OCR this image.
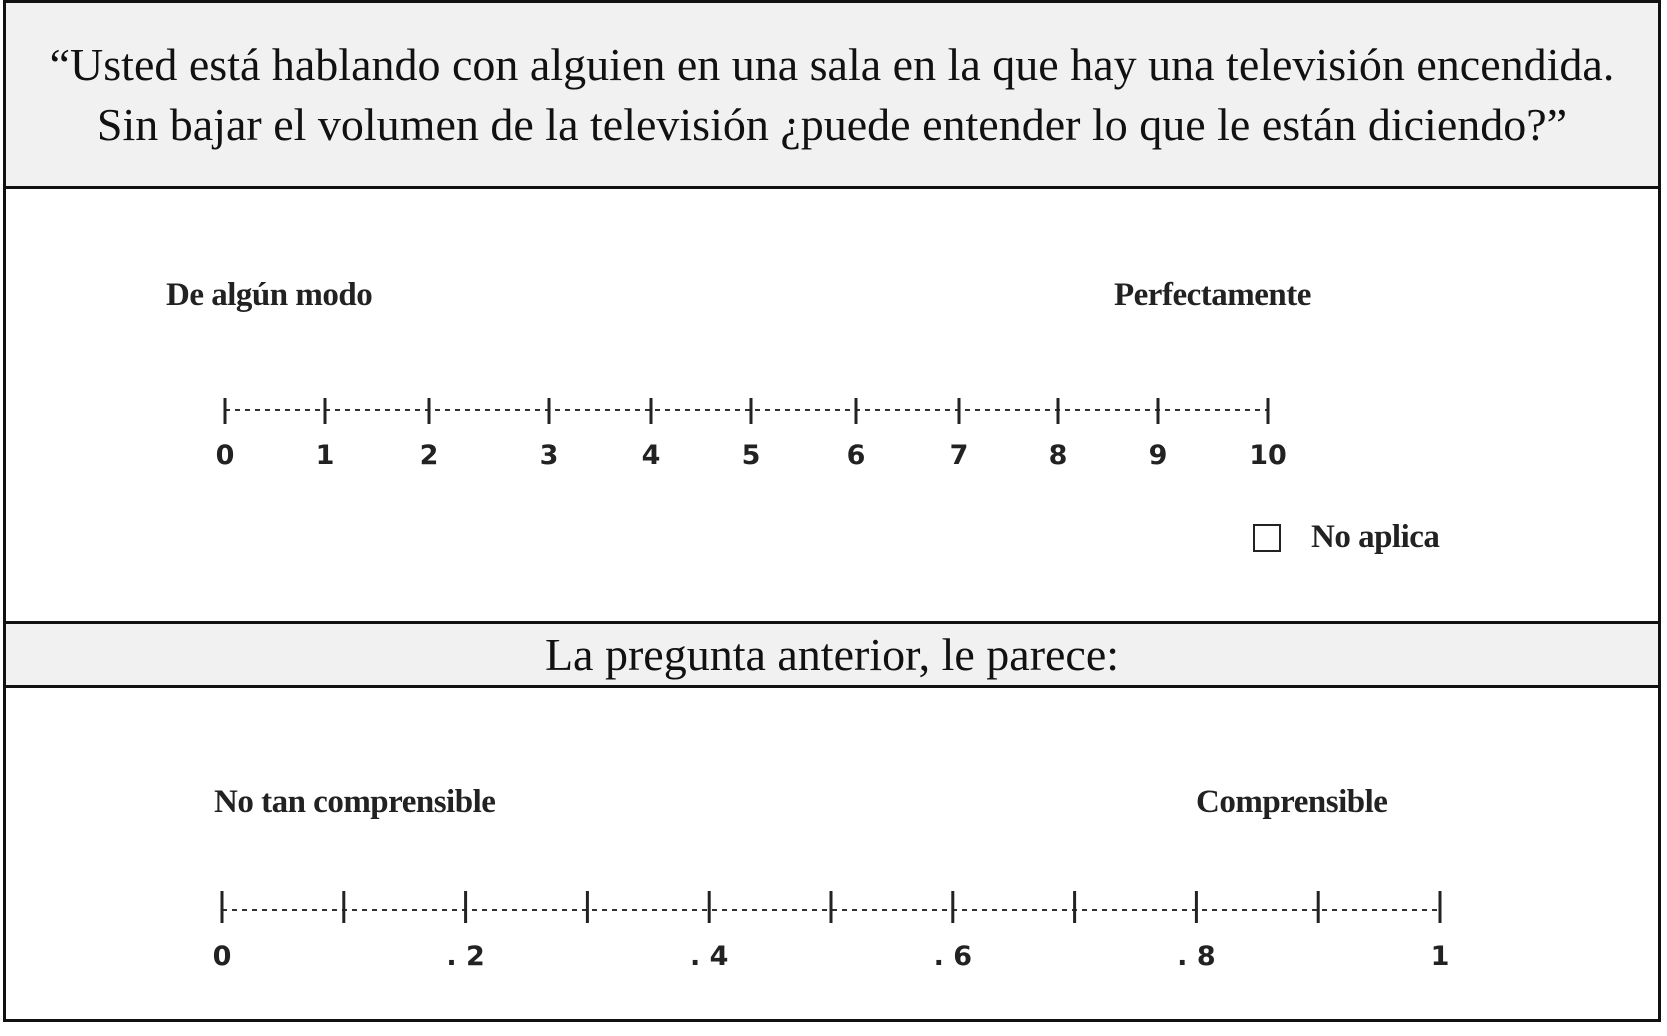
“Usted está hablando con alguien en una sala en la que hay una televisión encendida. Sin bajar el volumen de la televisión ¿puede entender lo que le están diciendo?”
De algún modo	Perfectamente
0	1	2	3	4	5	6	7	8	9	10
No aplica
La pregunta anterior, le parece:
No tan comprensible	Comprensible
0	. 2	. 4	. 6	. 8	1
